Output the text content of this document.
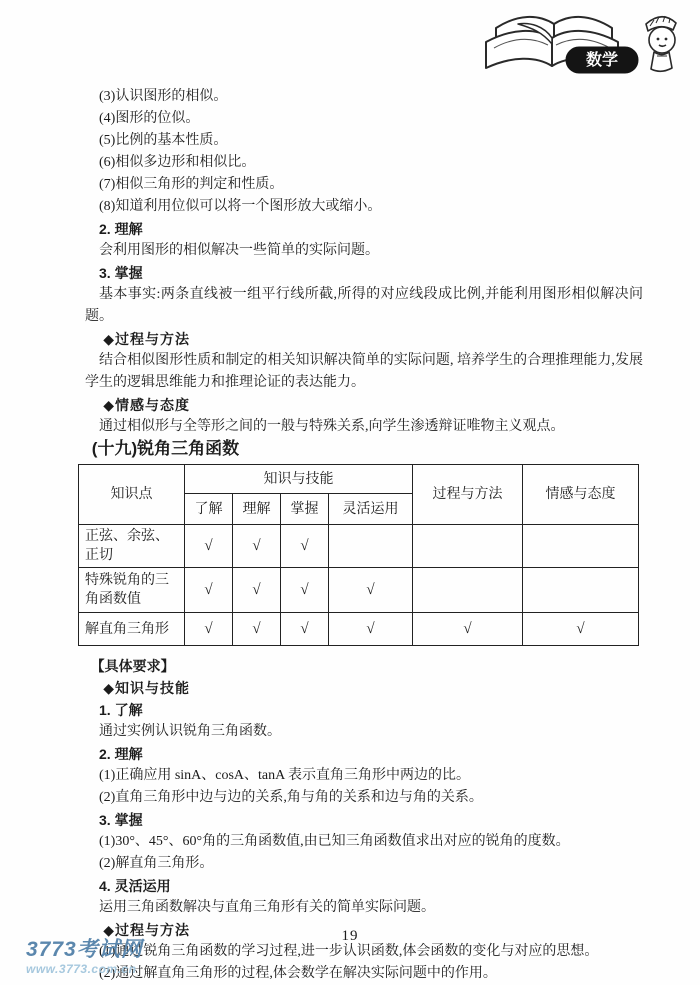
数学

(3)认识图形的相似。

(4)图形的位似。

(5)比例的基本性质。

(6)相似多边形和相似比。

(7)相似三角形的判定和性质。

(8)知道利用位似可以将一个图形放大或缩小。

2. 理解

会利用图形的相似解决一些简单的实际问题。

3. 掌握

基本事实:两条直线被一组平行线所截,所得的对应线段成比例,并能利用图形相似解决问题。

◆过程与方法

结合相似图形性质和制定的相关知识解决简单的实际问题, 培养学生的合理推理能力,发展学生的逻辑思维能力和推理论证的表达能力。

◆情感与态度

通过相似形与全等形之间的一般与特殊关系,向学生渗透辩证唯物主义观点。

(十九)锐角三角函数

知识点	知识与技能				过程与方法	情感与态度
	了解	理解	掌握	灵活运用		
正弦、余弦、正切	√	√	√			
特殊锐角的三角函数值	√	√	√	√		
解直角三角形	√	√	√	√	√	√

【具体要求】

◆知识与技能

1. 了解

通过实例认识锐角三角函数。

2. 理解

(1)正确应用 sinA、cosA、tanA 表示直角三角形中两边的比。

(2)直角三角形中边与边的关系,角与角的关系和边与角的关系。

3. 掌握

(1)30°、45°、60°角的三角函数值,由已知三角函数值求出对应的锐角的度数。

(2)解直角三角形。

4. 灵活运用

运用三角函数解决与直角三角形有关的简单实际问题。

◆过程与方法

(1)通过锐角三角函数的学习过程,进一步认识函数,体会函数的变化与对应的思想。

(2)通过解直角三角形的过程,体会数学在解决实际问题中的作用。

19
3773考试网
www.3773.com.cn
